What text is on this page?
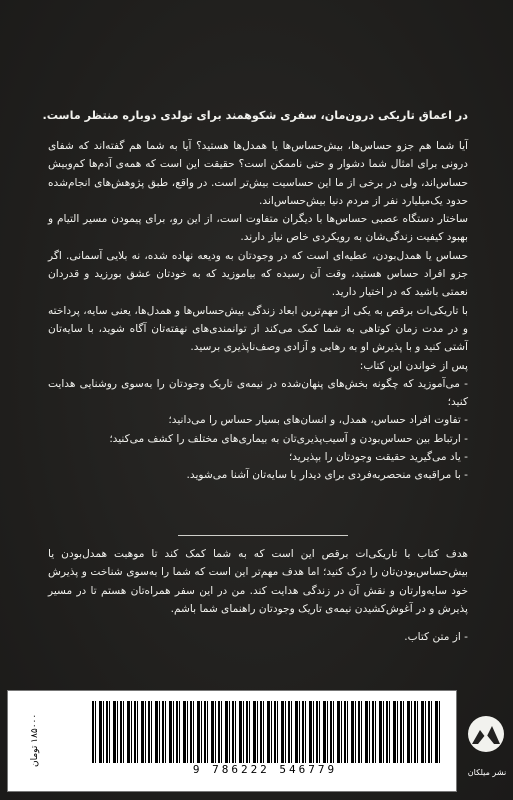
در اعماق تاریکی درون‌مان، سفری شکوهمند برای تولدی دوباره منتظر ماست.

آیا شما هم جزو حساس‌ها، بیش‌حساس‌ها یا همدل‌ها هستید؟ آیا به شما هم گفته‌اند که شفای درونی برای امثال شما دشوار و حتی ناممکن است؟ حقیقت این است که همه‌ی آدم‌ها کم‌وبیش حساس‌اند، ولی در برخی از ما این حساسیت بیش‌تر است. در واقع، طبق پژوهش‌های انجام‌شده حدود یک‌میلیارد نفر از مردم دنیا بیش‌حساس‌اند.

ساختار دستگاه عصبی حساس‌ها با دیگران متفاوت است، از این رو، برای پیمودن مسیر التیام و بهبود کیفیت زندگی‌شان به رویکردی خاص نیاز دارند.

حساس یا همدل‌بودن، عطیه‌ای است که در وجودتان به ودیعه نهاده شده، نه بلایی آسمانی. اگر جزو افراد حساس هستید، وقت آن رسیده که بیاموزید که به خودتان عشق بورزید و قدردان نعمتی باشید که در اختیار دارید.

با تاریکی‌ات برقص به یکی از مهم‌ترین ابعاد زندگی بیش‌حساس‌ها و همدل‌ها، یعنی سایه، پرداخته و در مدت زمان کوتاهی به شما کمک می‌کند از توانمندی‌های نهفته‌تان آگاه شوید، با سایه‌تان آشتی کنید و با پذیرش او به رهایی و آزادی وصف‌ناپذیری برسید.

پس از خواندن این کتاب:

- می‌آموزید که چگونه بخش‌های پنهان‌شده در نیمه‌ی تاریک وجودتان را به‌سوی روشنایی هدایت کنید؛
- تفاوت افراد حساس، همدل، و انسان‌های بسیار حساس را می‌دانید؛
- ارتباط بین حساس‌بودن و آسیب‌پذیری‌تان به بیماری‌های مختلف را کشف می‌کنید؛
- یاد می‌گیرید حقیقت وجودتان را بپذیرید؛
- با مراقبه‌ی منحصربه‌فردی برای دیدار با سایه‌تان آشنا می‌شوید.

هدف کتاب با تاریکی‌ات برقص این است که به شما کمک کند تا موهبت همدل‌بودن یا بیش‌حساس‌بودن‌تان را درک کنید؛ اما هدف مهم‌تر این است که شما را به‌سوی شناخت و پذیرش خود سایه‌وارتان و نقش آن در زندگی هدایت کند. من در این سفر همراه‌تان هستم تا در مسیر پذیرش و در آغوش‌کشیدن نیمه‌ی تاریک وجودتان راهنمای شما باشم.

- از متن کتاب.

۱۸۵۰۰۰ تومان
9 786222 546779	نشر میلکان
